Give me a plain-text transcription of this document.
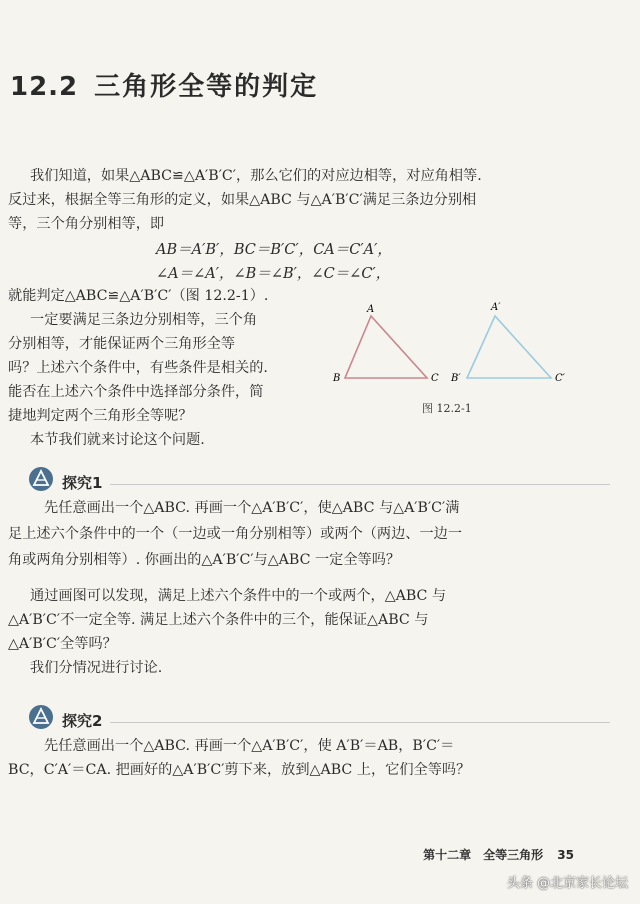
12.2 三角形全等的判定
我们知道，如果△ABC≌△A′B′C′，那么它们的对应边相等，对应角相等.
反过来，根据全等三角形的定义，如果△ABC 与△A′B′C′满足三条边分别相
等，三个角分别相等，即
AB＝A′B′，BC＝B′C′，CA＝C′A′，
∠A＝∠A′，∠B＝∠B′，∠C＝∠C′，
就能判定△ABC≌△A′B′C′（图 12.2-1）.
一定要满足三条边分别相等，三个角
分别相等，才能保证两个三角形全等
吗？上述六个条件中，有些条件是相关的.
能否在上述六个条件中选择部分条件，简
捷地判定两个三角形全等呢？
本节我们就来讨论这个问题.
A
B	C
A′
B′	C′
图 12.2-1
探究1
先任意画出一个△ABC. 再画一个△A′B′C′，使△ABC 与△A′B′C′满
足上述六个条件中的一个（一边或一角分别相等）或两个（两边、一边一
角或两角分别相等）. 你画出的△A′B′C′与△ABC 一定全等吗？
通过画图可以发现，满足上述六个条件中的一个或两个，△ABC 与
△A′B′C′不一定全等. 满足上述六个条件中的三个，能保证△ABC 与
△A′B′C′全等吗？
我们分情况进行讨论.
探究2
先任意画出一个△ABC. 再画一个△A′B′C′，使 A′B′＝AB，B′C′＝
BC，C′A′＝CA. 把画好的△A′B′C′剪下来，放到△ABC 上，它们全等吗？
第十二章　全等三角形 35
头条 @北京家长论坛
